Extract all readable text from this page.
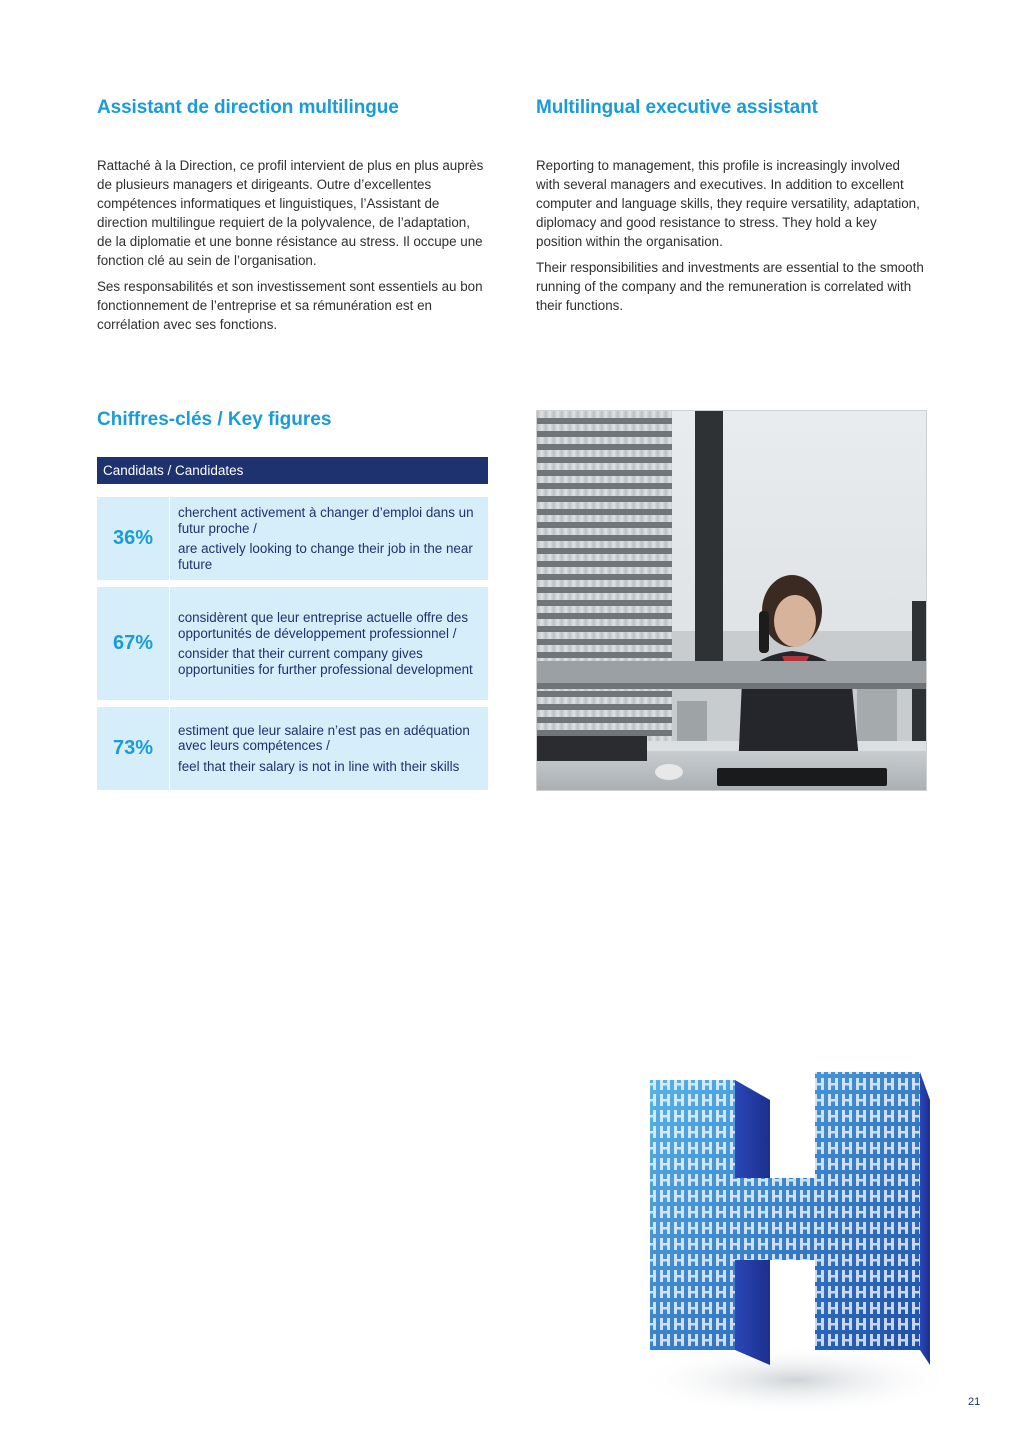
Assistant de direction multilingue

Rattaché à la Direction, ce profil intervient de plus en plus auprès de plusieurs managers et dirigeants. Outre d’excellentes compétences informatiques et linguistiques, l’Assistant de direction multilingue requiert de la polyvalence, de l’adaptation, de la diplomatie et une bonne résistance au stress. Il occupe une fonction clé au sein de l’organisation.

Ses responsabilités et son investissement sont essentiels au bon fonctionnement de l’entreprise et sa rémunération est en corrélation avec ses fonctions.

Multilingual executive assistant

Reporting to management, this profile is increasingly involved with several managers and executives. In addition to excellent computer and language skills, they require versatility, adaptation, diplomacy and good resistance to stress. They hold a key position within the organisation.

Their responsibilities and investments are essential to the smooth running of the company and the remuneration is correlated with their functions.

Chiffres-clés / Key figures
Candidats / Candidates
36%
cherchent activement à changer d’emploi dans un futur proche /
are actively looking to change their job in the near future
67%
considèrent que leur entreprise actuelle offre des opportunités de développement professionnel /
consider that their current company gives opportunities for further professional development
73%
estiment que leur salaire n’est pas en adéquation avec leurs compétences /
feel that their salary is not in line with their skills
21
